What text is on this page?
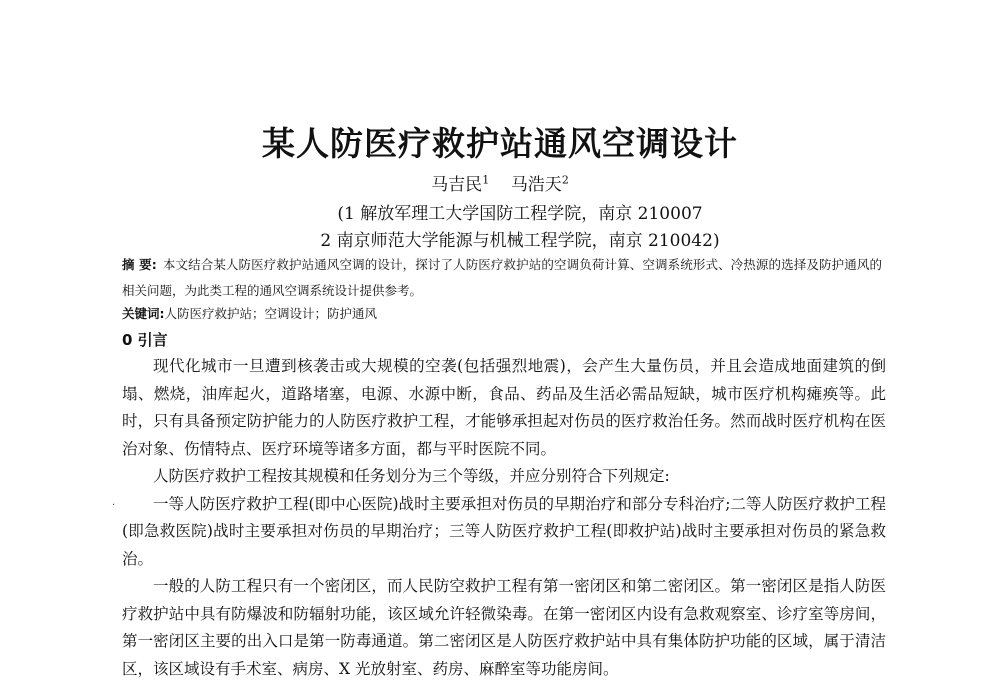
某人防医疗救护站通风空调设计
马吉民$^1$ 马浩天$^2$
(1 解放军理工大学国防工程学院，南京 210007
2 南京师范大学能源与机械工程学院，南京 210042)
摘 要: 本文结合某人防医疗救护站通风空调的设计，探讨了人防医疗救护站的空调负荷计算、空调系统形式、冷热源的选择及防护通风的相关问题，为此类工程的通风空调系统设计提供参考。
关键词:人防医疗救护站；空调设计；防护通风
0 引言

现代化城市一旦遭到核袭击或大规模的空袭(包括强烈地震)，会产生大量伤员，并且会造成地面建筑的倒塌、燃烧，油库起火，道路堵塞，电源、水源中断，食品、药品及生活必需品短缺，城市医疗机构瘫痪等。此时，只有具备预定防护能力的人防医疗救护工程，才能够承担起对伤员的医疗救治任务。然而战时医疗机构在医治对象、伤情特点、医疗环境等诸多方面，都与平时医院不同。

人防医疗救护工程按其规模和任务划分为三个等级，并应分别符合下列规定:

一等人防医疗救护工程(即中心医院)战时主要承担对伤员的早期治疗和部分专科治疗;二等人防医疗救护工程(即急救医院)战时主要承担对伤员的早期治疗；三等人防医疗救护工程(即救护站)战时主要承担对伤员的紧急救治。

一般的人防工程只有一个密闭区，而人民防空救护工程有第一密闭区和第二密闭区。第一密闭区是指人防医疗救护站中具有防爆波和防辐射功能，该区域允许轻微染毒。在第一密闭区内设有急救观察室、诊疗室等房间，第一密闭区主要的出入口是第一防毒通道。第二密闭区是人防医疗救护站中具有集体防护功能的区域，属于清洁区，该区域设有手术室、病房、X 光放射室、药房、麻醉室等功能房间。

·
